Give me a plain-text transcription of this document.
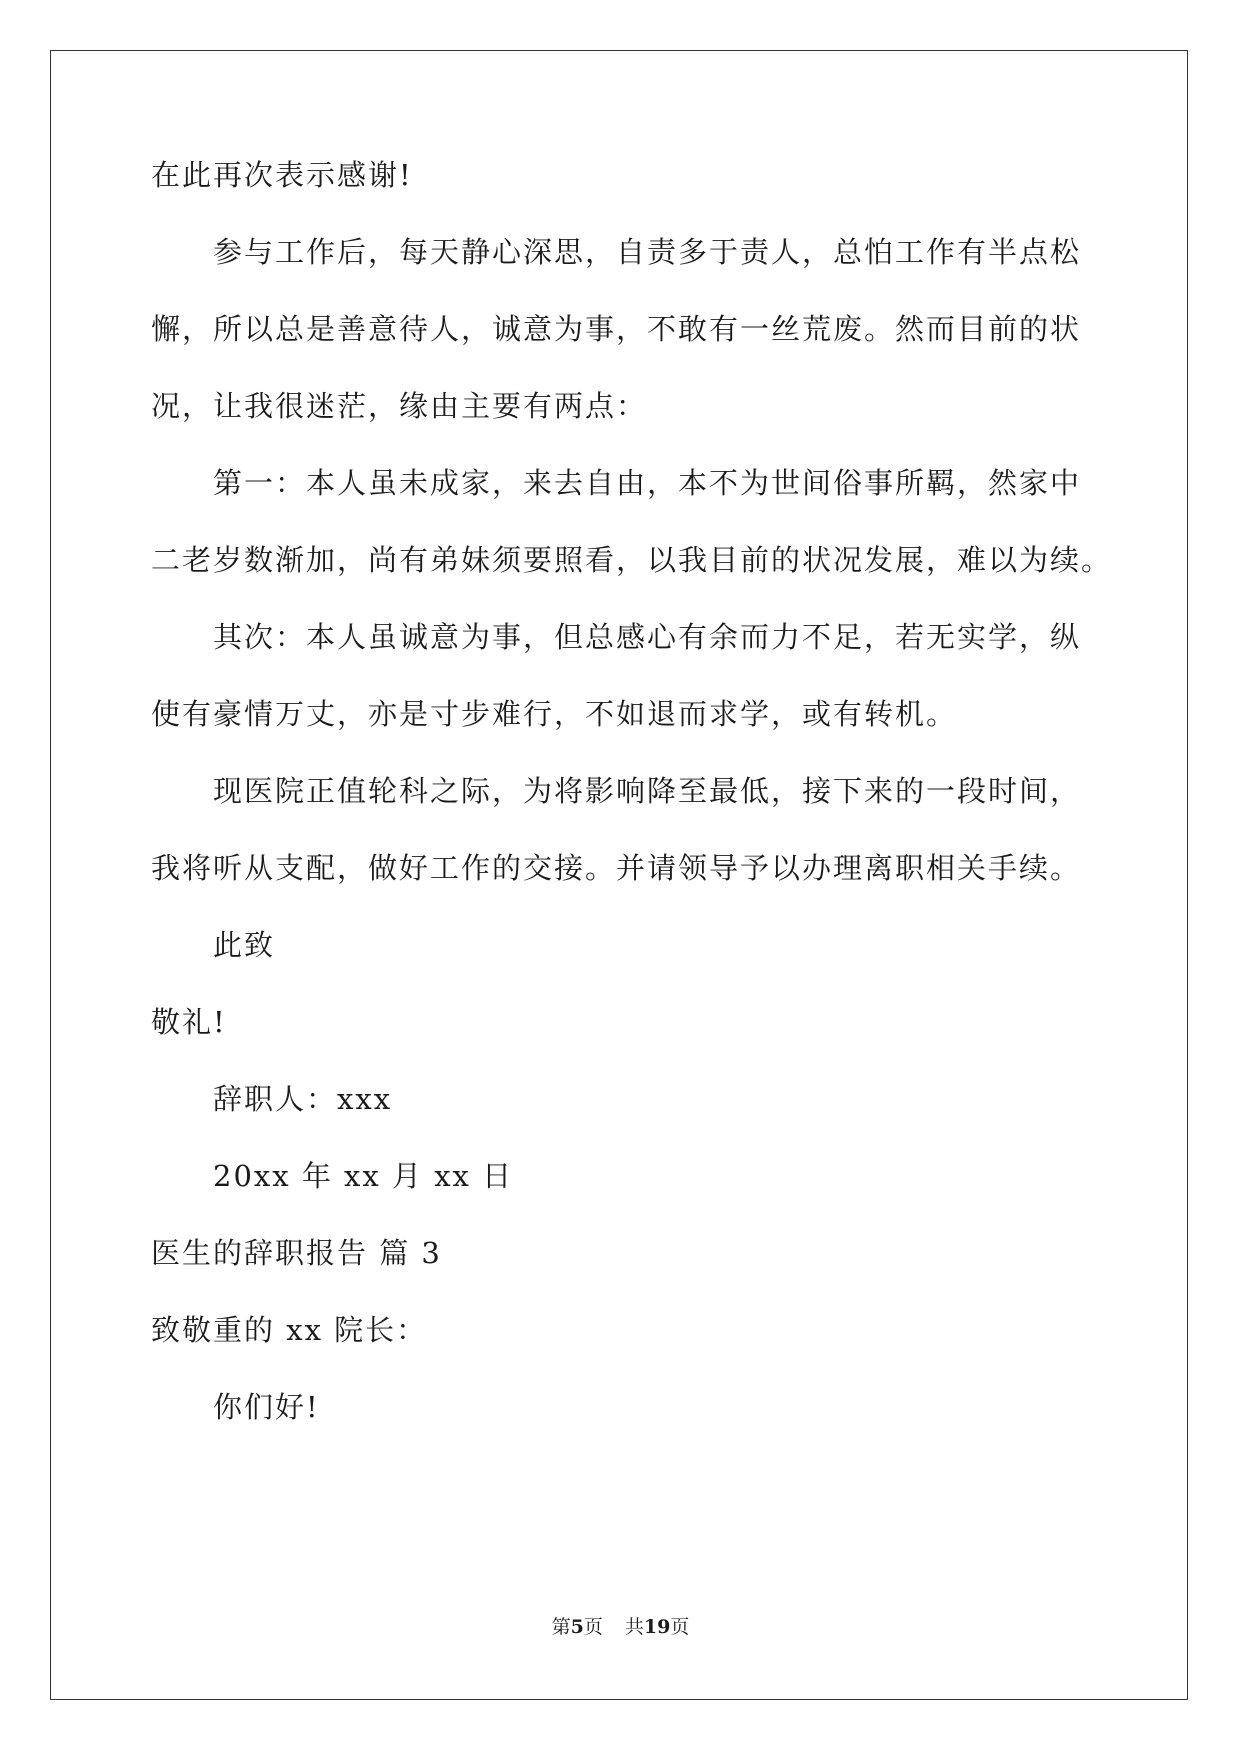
在此再次表示感谢!
参与工作后，每天静心深思，自责多于责人，总怕工作有半点松
懈，所以总是善意待人，诚意为事，不敢有一丝荒废。然而目前的状
况，让我很迷茫，缘由主要有两点：
第一：本人虽未成家，来去自由，本不为世间俗事所羁，然家中
二老岁数渐加，尚有弟妹须要照看，以我目前的状况发展，难以为续。
其次：本人虽诚意为事，但总感心有余而力不足，若无实学，纵
使有豪情万丈，亦是寸步难行，不如退而求学，或有转机。
现医院正值轮科之际，为将影响降至最低，接下来的一段时间，
我将听从支配，做好工作的交接。并请领导予以办理离职相关手续。
此致
敬礼!
辞职人：xxx
20xx 年 xx 月 xx 日
医生的辞职报告 篇 3
致敬重的 xx 院长：
你们好!
第5页 共19页
